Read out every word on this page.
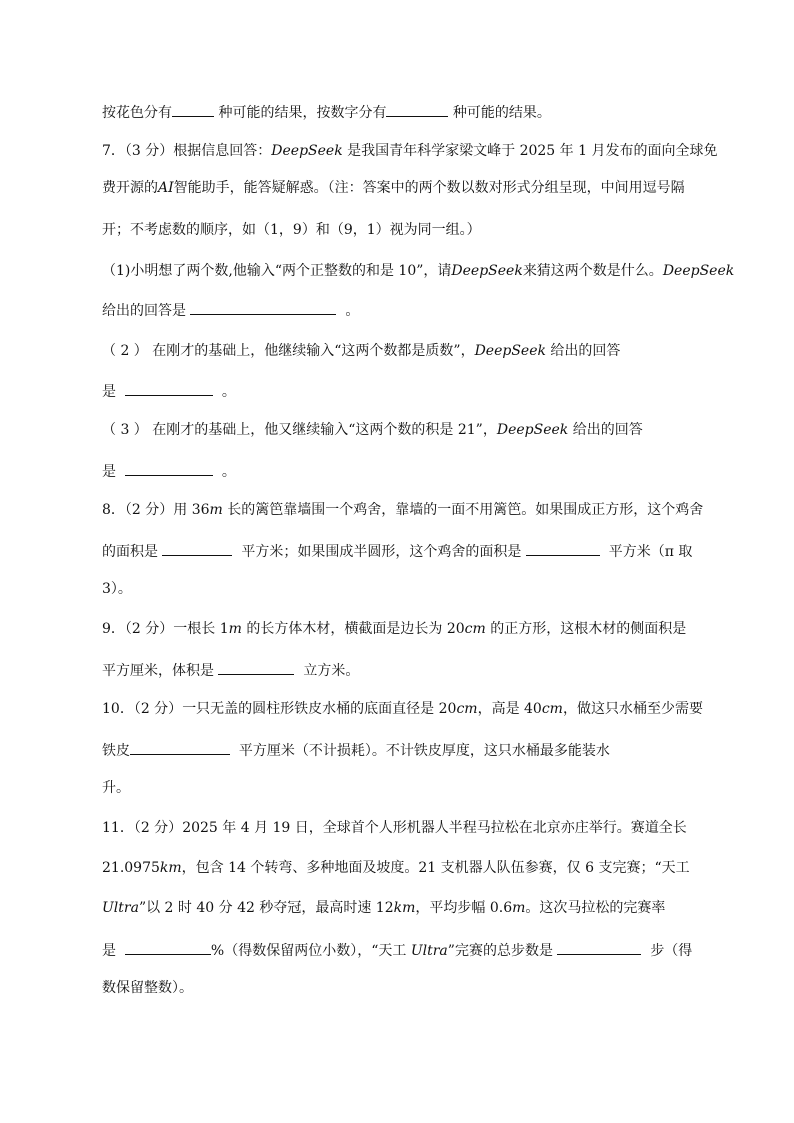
按花色分有	种可能的结果，按数字分有	种可能的结果。
7．（3 分）根据信息回答：DeepSeek 是我国青年科学家梁文峰于 2025 年 1 月发布的面向全球免
费开源的AI智能助手，能答疑解惑。（注：答案中的两个数以数对形式分组呈现，中间用逗号隔
开；不考虑数的顺序，如（1，9）和（9，1）视为同一组。）
（1)小明想了两个数,他输入“两个正整数的和是 10”，请DeepSeek来猜这两个数是什么。DeepSeek
给出的回答是	。
（ 2 ） 在刚才的基础上，他继续输入“这两个数都是质数”，DeepSeek 给出的回答
是	。
（ 3 ） 在刚才的基础上，他又继续输入“这两个数的积是 21”，DeepSeek 给出的回答
是	。
8．（2 分）用 36m 长的篱笆靠墙围一个鸡舍，靠墙的一面不用篱笆。如果围成正方形，这个鸡舍
的面积是	平方米；如果围成半圆形，这个鸡舍的面积是	平方米（π 取
3）。
9．（2 分）一根长 1m 的长方体木材，横截面是边长为 20cm 的正方形，这根木材的侧面积是
平方厘米，体积是	立方米。
10．（2 分）一只无盖的圆柱形铁皮水桶的底面直径是 20cm，高是 40cm，做这只水桶至少需要
铁皮	平方厘米（不计损耗）。不计铁皮厚度，这只水桶最多能装水
升。
11．（2 分）2025 年 4 月 19 日，全球首个人形机器人半程马拉松在北京亦庄举行。赛道全长
21.0975km，包含 14 个转弯、多种地面及坡度。21 支机器人队伍参赛，仅 6 支完赛；“天工
Ultra”以 2 时 40 分 42 秒夺冠，最高时速 12km，平均步幅 0.6m。这次马拉松的完赛率
是	%（得数保留两位小数），“天工 Ultra”完赛的总步数是	步（得
数保留整数）。
